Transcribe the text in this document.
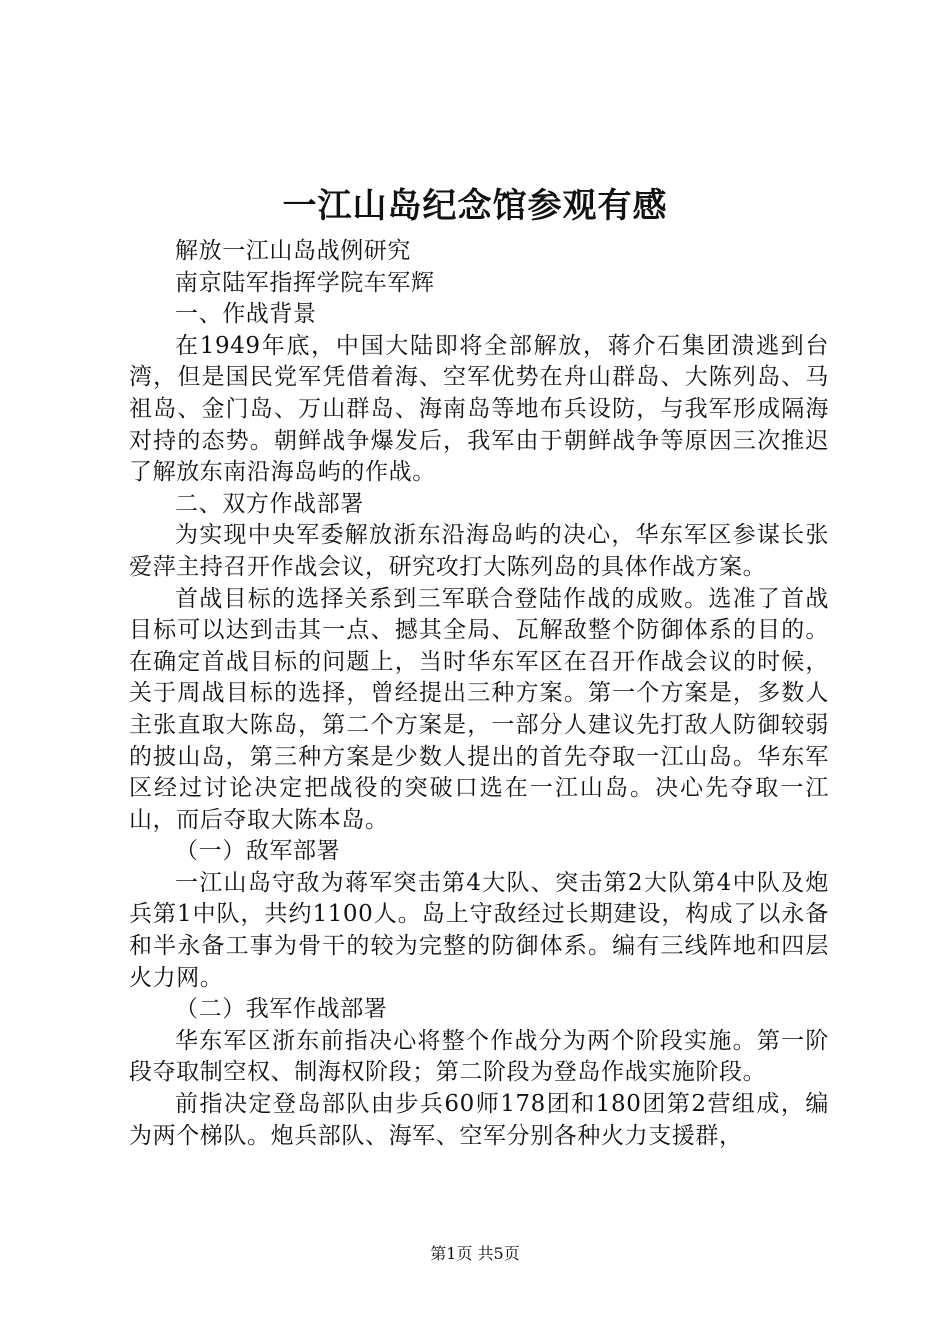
一江山岛纪念馆参观有感

解放一江山岛战例研究

南京陆军指挥学院车军辉

一、作战背景

在1949年底，中国大陆即将全部解放，蒋介石集团溃逃到台湾，但是国民党军凭借着海、空军优势在舟山群岛、大陈列岛、马祖岛、金门岛、万山群岛、海南岛等地布兵设防，与我军形成隔海对持的态势。朝鲜战争爆发后，我军由于朝鲜战争等原因三次推迟了解放东南沿海岛屿的作战。

二、双方作战部署

为实现中央军委解放浙东沿海岛屿的决心，华东军区参谋长张爱萍主持召开作战会议，研究攻打大陈列岛的具体作战方案。

首战目标的选择关系到三军联合登陆作战的成败。选准了首战目标可以达到击其一点、撼其全局、瓦解敌整个防御体系的目的。在确定首战目标的问题上，当时华东军区在召开作战会议的时候，关于周战目标的选择，曾经提出三种方案。第一个方案是，多数人主张直取大陈岛，第二个方案是，一部分人建议先打敌人防御较弱的披山岛，第三种方案是少数人提出的首先夺取一江山岛。华东军区经过讨论决定把战役的突破口选在一江山岛。决心先夺取一江山，而后夺取大陈本岛。

（一）敌军部署

一江山岛守敌为蒋军突击第4大队、突击第2大队第4中队及炮兵第1中队，共约1100人。岛上守敌经过长期建设，构成了以永备和半永备工事为骨干的较为完整的防御体系。编有三线阵地和四层火力网。

（二）我军作战部署

华东军区浙东前指决心将整个作战分为两个阶段实施。第一阶段夺取制空权、制海权阶段；第二阶段为登岛作战实施阶段。

前指决定登岛部队由步兵60师178团和180团第2营组成，编为两个梯队。炮兵部队、海军、空军分别各种火力支援群，

第1页 共5页
